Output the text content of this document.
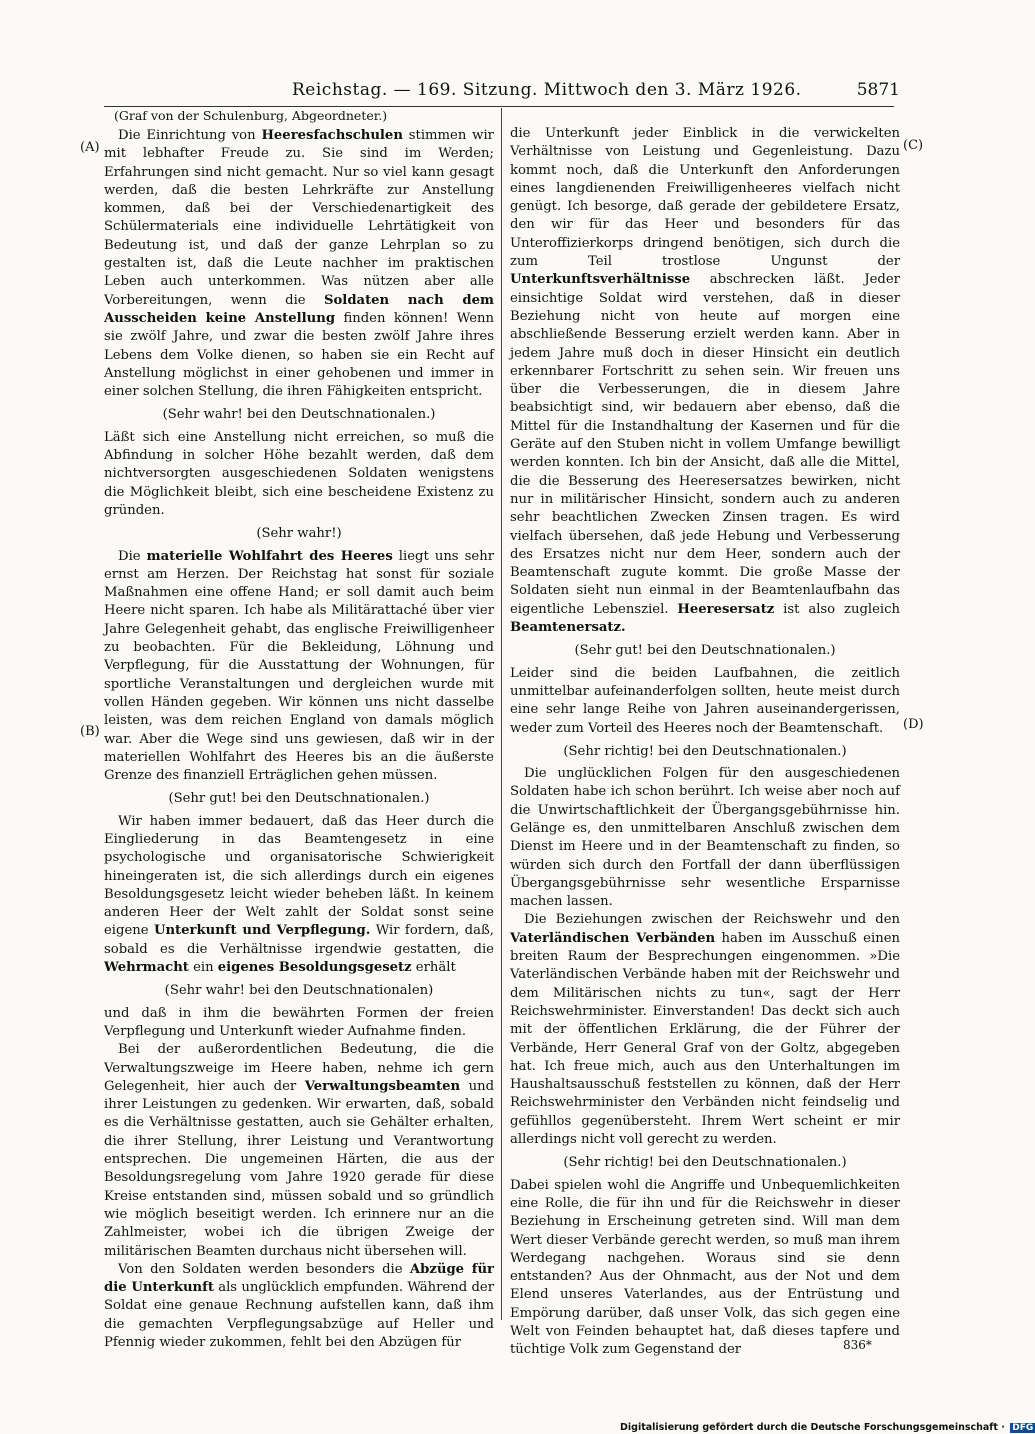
Reichstag. — 169. Sitzung. Mittwoch den 3. März 1926.	5871
(Graf von der Schulenburg, Abgeordneter.)
(A)
(B)
(C)
(D)

Die Einrichtung von Heeresfachschulen stimmen wir mit lebhafter Freude zu. Sie sind im Werden; Erfahrungen sind nicht gemacht. Nur so viel kann gesagt werden, daß die besten Lehrkräfte zur Anstellung kommen, daß bei der Verschiedenartigkeit des Schülermaterials eine individuelle Lehrtätigkeit von Bedeutung ist, und daß der ganze Lehrplan so zu gestalten ist, daß die Leute nachher im praktischen Leben auch unterkommen. Was nützen aber alle Vorbereitungen, wenn die Soldaten nach dem Ausscheiden keine Anstellung finden können! Wenn sie zwölf Jahre, und zwar die besten zwölf Jahre ihres Lebens dem Volke dienen, so haben sie ein Recht auf Anstellung möglichst in einer gehobenen und immer in einer solchen Stellung, die ihren Fähigkeiten entspricht.

(Sehr wahr! bei den Deutschnationalen.)

Läßt sich eine Anstellung nicht erreichen, so muß die Abfindung in solcher Höhe bezahlt werden, daß dem nichtversorgten ausgeschiedenen Soldaten wenigstens die Möglichkeit bleibt, sich eine bescheidene Existenz zu gründen.

(Sehr wahr!)

Die materielle Wohlfahrt des Heeres liegt uns sehr ernst am Herzen. Der Reichstag hat sonst für soziale Maßnahmen eine offene Hand; er soll damit auch beim Heere nicht sparen. Ich habe als Militärattaché über vier Jahre Gelegenheit gehabt, das englische Freiwilligenheer zu beobachten. Für die Bekleidung, Löhnung und Verpflegung, für die Ausstattung der Wohnungen, für sportliche Veranstaltungen und dergleichen wurde mit vollen Händen gegeben. Wir können uns nicht dasselbe leisten, was dem reichen England von damals möglich war. Aber die Wege sind uns gewiesen, daß wir in der materiellen Wohlfahrt des Heeres bis an die äußerste Grenze des finanziell Erträglichen gehen müssen.

(Sehr gut! bei den Deutschnationalen.)

Wir haben immer bedauert, daß das Heer durch die Eingliederung in das Beamtengesetz in eine psychologische und organisatorische Schwierigkeit hineingeraten ist, die sich allerdings durch ein eigenes Besoldungsgesetz leicht wieder beheben läßt. In keinem anderen Heer der Welt zahlt der Soldat sonst seine eigene Unterkunft und Verpflegung. Wir fordern, daß, sobald es die Verhältnisse irgendwie gestatten, die Wehrmacht ein eigenes Besoldungsgesetz erhält

(Sehr wahr! bei den Deutschnationalen)

und daß in ihm die bewährten Formen der freien Verpflegung und Unterkunft wieder Aufnahme finden.

Bei der außerordentlichen Bedeutung, die die Verwaltungszweige im Heere haben, nehme ich gern Gelegenheit, hier auch der Verwaltungsbeamten und ihrer Leistungen zu gedenken. Wir erwarten, daß, sobald es die Verhältnisse gestatten, auch sie Gehälter erhalten, die ihrer Stellung, ihrer Leistung und Verantwortung entsprechen. Die ungemeinen Härten, die aus der Besoldungsregelung vom Jahre 1920 gerade für diese Kreise entstanden sind, müssen sobald und so gründlich wie möglich beseitigt werden. Ich erinnere nur an die Zahlmeister, wobei ich die übrigen Zweige der militärischen Beamten durchaus nicht übersehen will.

Von den Soldaten werden besonders die Abzüge für die Unterkunft als unglücklich empfunden. Während der Soldat eine genaue Rechnung aufstellen kann, daß ihm die gemachten Verpflegungsabzüge auf Heller und Pfennig wieder zukommen, fehlt bei den Abzügen für

die Unterkunft jeder Einblick in die verwickelten Verhältnisse von Leistung und Gegenleistung. Dazu kommt noch, daß die Unterkunft den Anforderungen eines langdienenden Freiwilligenheeres vielfach nicht genügt. Ich besorge, daß gerade der gebildetere Ersatz, den wir für das Heer und besonders für das Unteroffizierkorps dringend benötigen, sich durch die zum Teil trostlose Ungunst der Unterkunftsverhältnisse abschrecken läßt. Jeder einsichtige Soldat wird verstehen, daß in dieser Beziehung nicht von heute auf morgen eine abschließende Besserung erzielt werden kann. Aber in jedem Jahre muß doch in dieser Hinsicht ein deutlich erkennbarer Fortschritt zu sehen sein. Wir freuen uns über die Verbesserungen, die in diesem Jahre beabsichtigt sind, wir bedauern aber ebenso, daß die Mittel für die Instandhaltung der Kasernen und für die Geräte auf den Stuben nicht in vollem Umfange bewilligt werden konnten. Ich bin der Ansicht, daß alle die Mittel, die die Besserung des Heeresersatzes bewirken, nicht nur in militärischer Hinsicht, sondern auch zu anderen sehr beachtlichen Zwecken Zinsen tragen. Es wird vielfach übersehen, daß jede Hebung und Verbesserung des Ersatzes nicht nur dem Heer, sondern auch der Beamtenschaft zugute kommt. Die große Masse der Soldaten sieht nun einmal in der Beamtenlaufbahn das eigentliche Lebensziel. Heeresersatz ist also zugleich Beamtenersatz.

(Sehr gut! bei den Deutschnationalen.)

Leider sind die beiden Laufbahnen, die zeitlich unmittelbar aufeinanderfolgen sollten, heute meist durch eine sehr lange Reihe von Jahren auseinandergerissen, weder zum Vorteil des Heeres noch der Beamtenschaft.

(Sehr richtig! bei den Deutschnationalen.)

Die unglücklichen Folgen für den ausgeschiedenen Soldaten habe ich schon berührt. Ich weise aber noch auf die Unwirtschaftlichkeit der Übergangsgebührnisse hin. Gelänge es, den unmittelbaren Anschluß zwischen dem Dienst im Heere und in der Beamtenschaft zu finden, so würden sich durch den Fortfall der dann überflüssigen Übergangsgebührnisse sehr wesentliche Ersparnisse machen lassen.

Die Beziehungen zwischen der Reichswehr und den Vaterländischen Verbänden haben im Ausschuß einen breiten Raum der Besprechungen eingenommen. »Die Vaterländischen Verbände haben mit der Reichswehr und dem Militärischen nichts zu tun«, sagt der Herr Reichswehrminister. Einverstanden! Das deckt sich auch mit der öffentlichen Erklärung, die der Führer der Verbände, Herr General Graf von der Goltz, abgegeben hat. Ich freue mich, auch aus den Unterhaltungen im Haushaltsausschuß feststellen zu können, daß der Herr Reichswehrminister den Verbänden nicht feindselig und gefühllos gegenübersteht. Ihrem Wert scheint er mir allerdings nicht voll gerecht zu werden.

(Sehr richtig! bei den Deutschnationalen.)

Dabei spielen wohl die Angriffe und Unbequemlichkeiten eine Rolle, die für ihn und für die Reichswehr in dieser Beziehung in Erscheinung getreten sind. Will man dem Wert dieser Verbände gerecht werden, so muß man ihrem Werdegang nachgehen. Woraus sind sie denn entstanden? Aus der Ohnmacht, aus der Not und dem Elend unseres Vaterlandes, aus der Entrüstung und Empörung darüber, daß unser Volk, das sich gegen eine Welt von Feinden behauptet hat, daß dieses tapfere und tüchtige Volk zum Gegenstand der	836*
Digitalisierung gefördert durch die Deutsche Forschungsgemeinschaft · DFG
